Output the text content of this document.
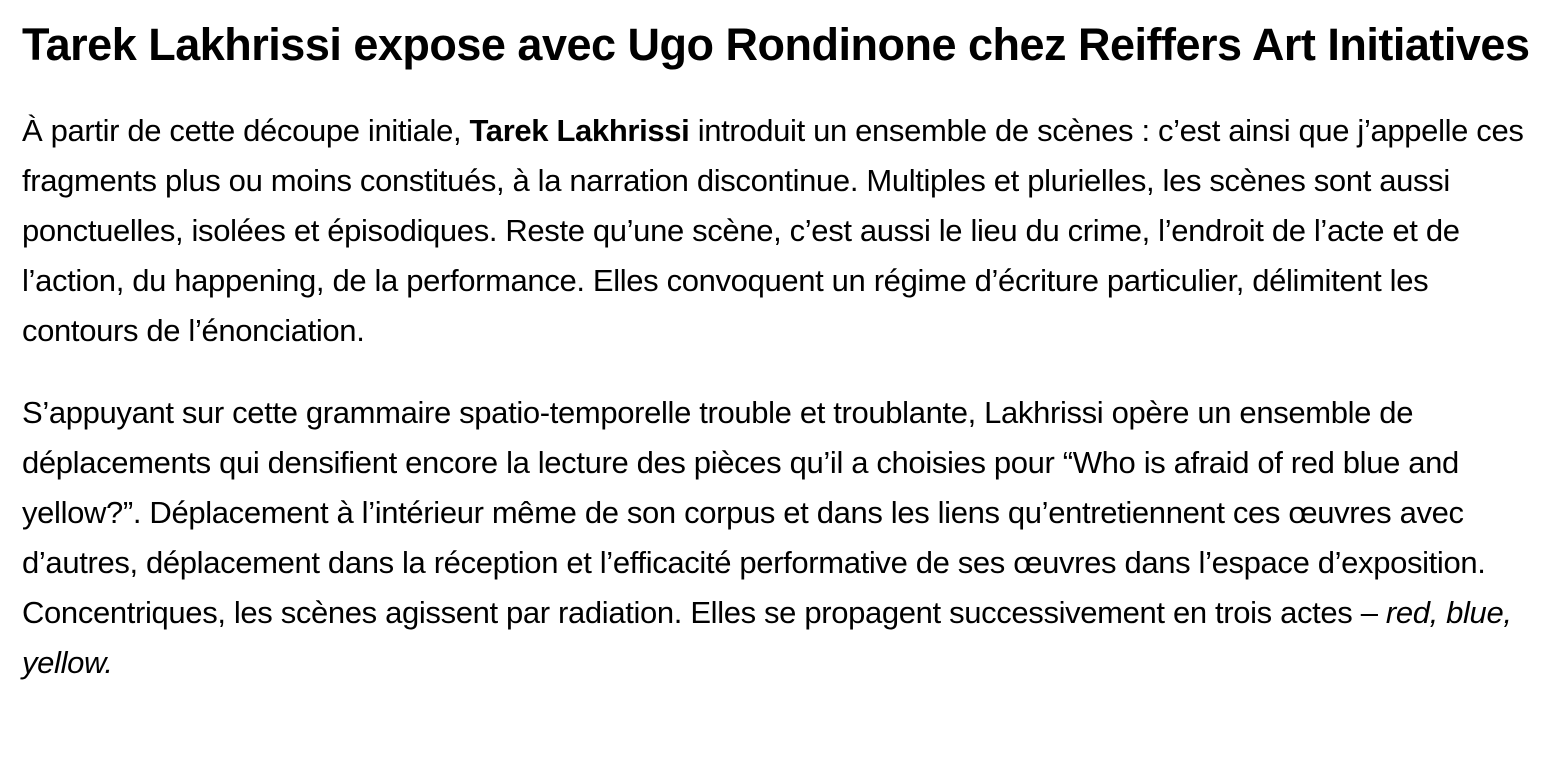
Tarek Lakhrissi expose avec Ugo Rondinone chez Reiffers Art Initiatives

À partir de cette découpe initiale, Tarek Lakhrissi introduit un ensemble de scènes : c’est ainsi que j’appelle ces fragments plus ou moins constitués, à la narration discontinue. Multiples et plurielles, les scènes sont aussi ponctuelles, isolées et épisodiques. Reste qu’une scène, c’est aussi le lieu du crime, l’endroit de l’acte et de l’action, du happening, de la performance. Elles convoquent un régime d’écriture particulier, délimitent les contours de l’énonciation.

S’appuyant sur cette grammaire spatio-temporelle trouble et troublante, Lakhrissi opère un ensemble de déplacements qui densifient encore la lecture des pièces qu’il a choisies pour “Who is afraid of red blue and yellow?”. Déplacement à l’intérieur même de son corpus et dans les liens qu’entretiennent ces œuvres avec d’autres, déplacement dans la réception et l’efficacité performative de ses œuvres dans l’espace d’exposition. Concentriques, les scènes agissent par radiation. Elles se propagent successivement en trois actes – red, blue, yellow.
